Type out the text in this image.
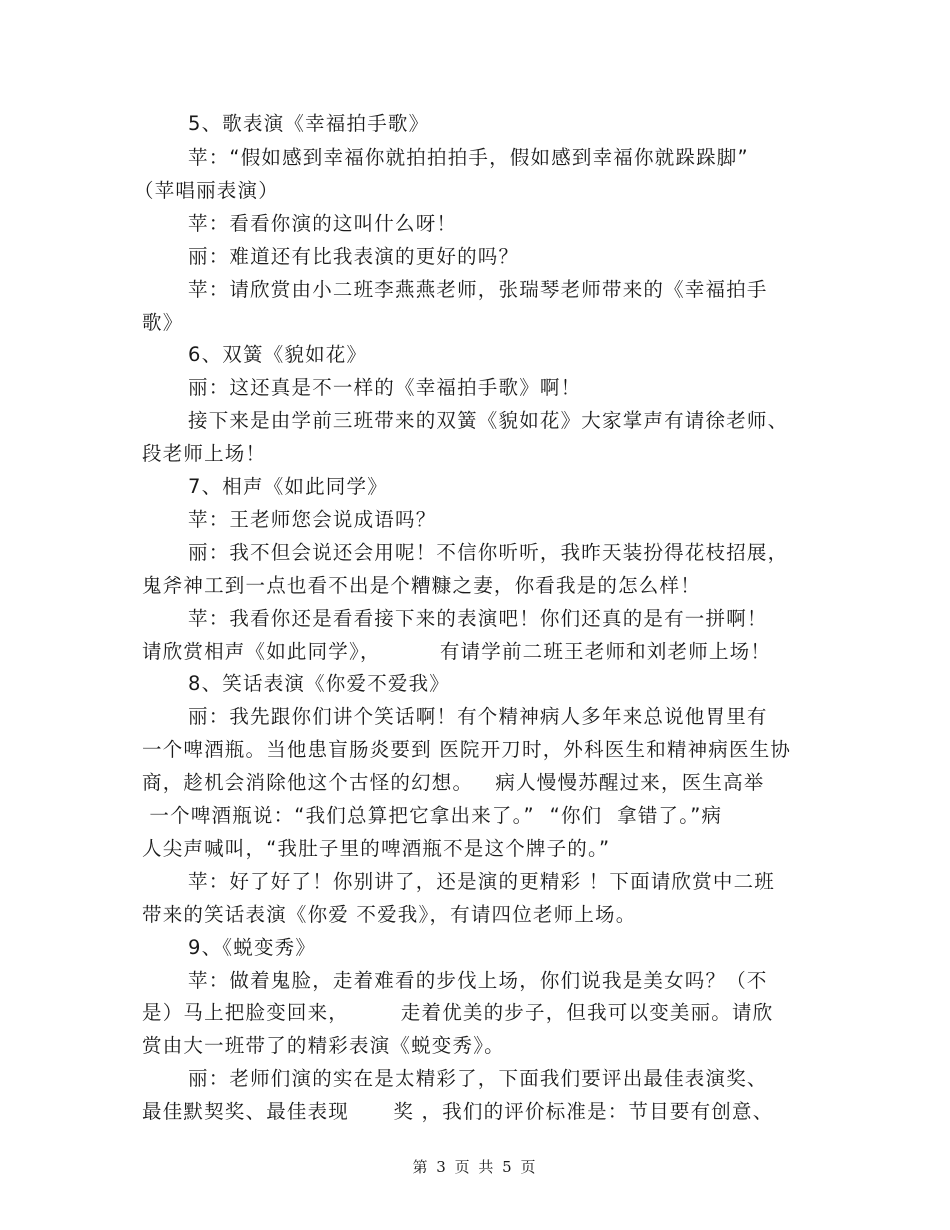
5、歌表演《幸福拍手歌》
苹：“假如感到幸福你就拍拍拍手，假如感到幸福你就跺跺脚”
（苹唱丽表演）
苹：看看你演的这叫什么呀！
丽：难道还有比我表演的更好的吗？
苹：请欣赏由小二班李燕燕老师，张瑞琴老师带来的《幸福拍手
歌》
6、双簧《貌如花》
丽：这还真是不一样的《幸福拍手歌》啊！
接下来是由学前三班带来的双簧《貌如花》大家掌声有请徐老师、
段老师上场！
7、相声《如此同学》
苹：王老师您会说成语吗？
丽：我不但会说还会用呢！不信你听听，我昨天装扮得花枝招展，
鬼斧神工到一点也看不出是个糟糠之妻，你看我是的怎么样！
苹：我看你还是看看接下来的表演吧！你们还真的是有一拼啊！
请欣赏相声《如此同学》，        有请学前二班王老师和刘老师上场！
8、笑话表演《你爱不爱我》
丽：我先跟你们讲个笑话啊！有个精神病人多年来总说他胃里有
一个啤酒瓶。当他患盲肠炎要到 医院开刀时，外科医生和精神病医生协
商，趁机会消除他这个古怪的幻想。   病人慢慢苏醒过来，医生高举
一个啤酒瓶说：“我们总算把它拿出来了。”  “你们  拿错了。”病
人尖声喊叫，“我肚子里的啤酒瓶不是这个牌子的。”
苹：好了好了！你别讲了，还是演的更精彩 ！下面请欣赏中二班
带来的笑话表演《你爱 不爱我》，有请四位老师上场。
9、《蜕变秀》
苹：做着鬼脸，走着难看的步伐上场，你们说我是美女吗？（不
是）马上把脸变回来，       走着优美的步子，但我可以变美丽。请欣
赏由大一班带了的精彩表演《蜕变秀》。
丽：老师们演的实在是太精彩了，下面我们要评出最佳表演奖、
最佳默契奖、最佳表现      奖 ，我们的评价标准是：节目要有创意、
第 3 页 共 5 页
